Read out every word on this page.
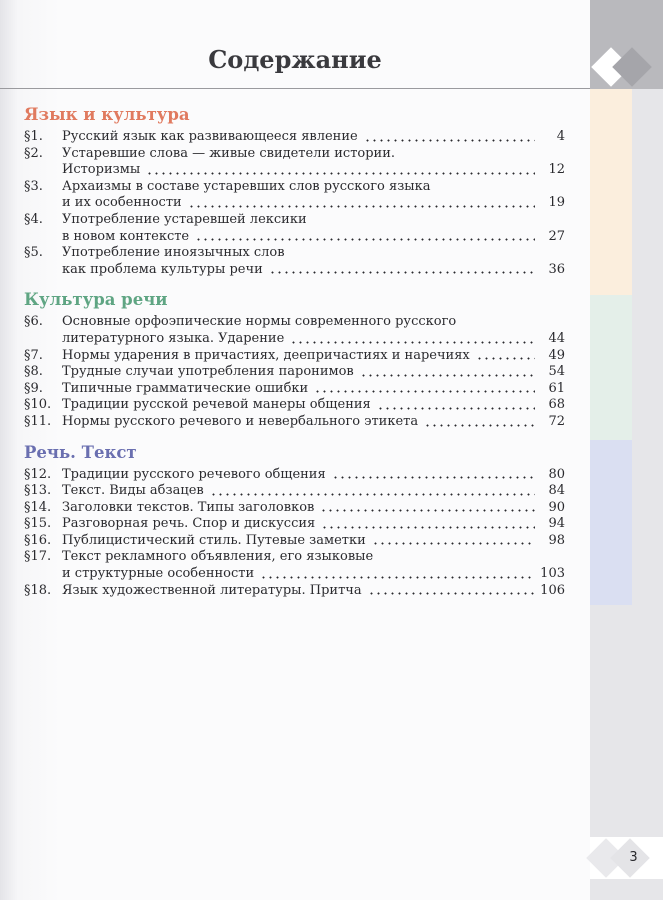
3
Содержание
Язык и культура
§1.	Русский язык как развивающееся явление	4
§2.	Устаревшие слова — живые свидетели истории.
Историзмы	12
§3.	Архаизмы в составе устаревших слов русского языка
и их особенности	19
§4.	Употребление устаревшей лексики
в новом контексте	27
§5.	Употребление иноязычных слов
как проблема культуры речи	36
Культура речи
§6.	Основные орфоэпические нормы современного русского
литературного языка. Ударение	44
§7.	Нормы ударения в причастиях, деепричастиях и наречиях	49
§8.	Трудные случаи употребления паронимов	54
§9.	Типичные грамматические ошибки	61
§10. Традиции русской речевой манеры общения	68
§11. Нормы русского речевого и невербального этикета	72
Речь. Текст
§12. Традиции русского речевого общения	80
§13. Текст. Виды абзацев	84
§14. Заголовки текстов. Типы заголовков	90
§15. Разговорная речь. Спор и дискуссия	94
§16. Публицистический стиль. Путевые заметки	98
§17. Текст рекламного объявления, его языковые
и структурные особенности	103
§18. Язык художественной литературы. Притча	106
